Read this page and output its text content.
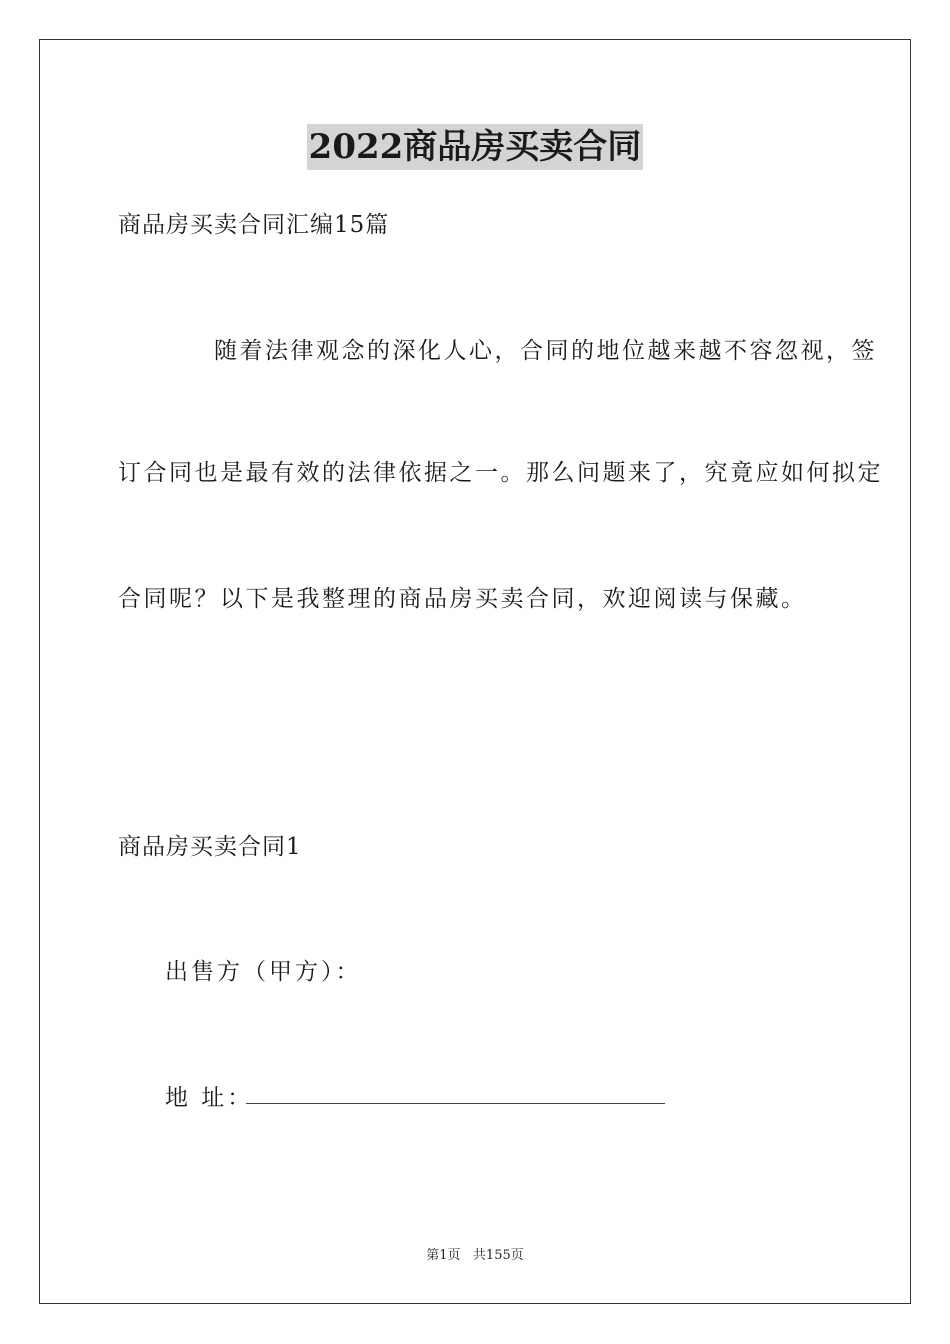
2022商品房买卖合同
商品房买卖合同汇编15篇
随着法律观念的深化人心，合同的地位越来越不容忽视，签
订合同也是最有效的法律依据之一。那么问题来了，究竟应如何拟定
合同呢？以下是我整理的商品房买卖合同，欢迎阅读与保藏。
商品房买卖合同1
出售方（甲方）：
地 址：
第1页 共155页
